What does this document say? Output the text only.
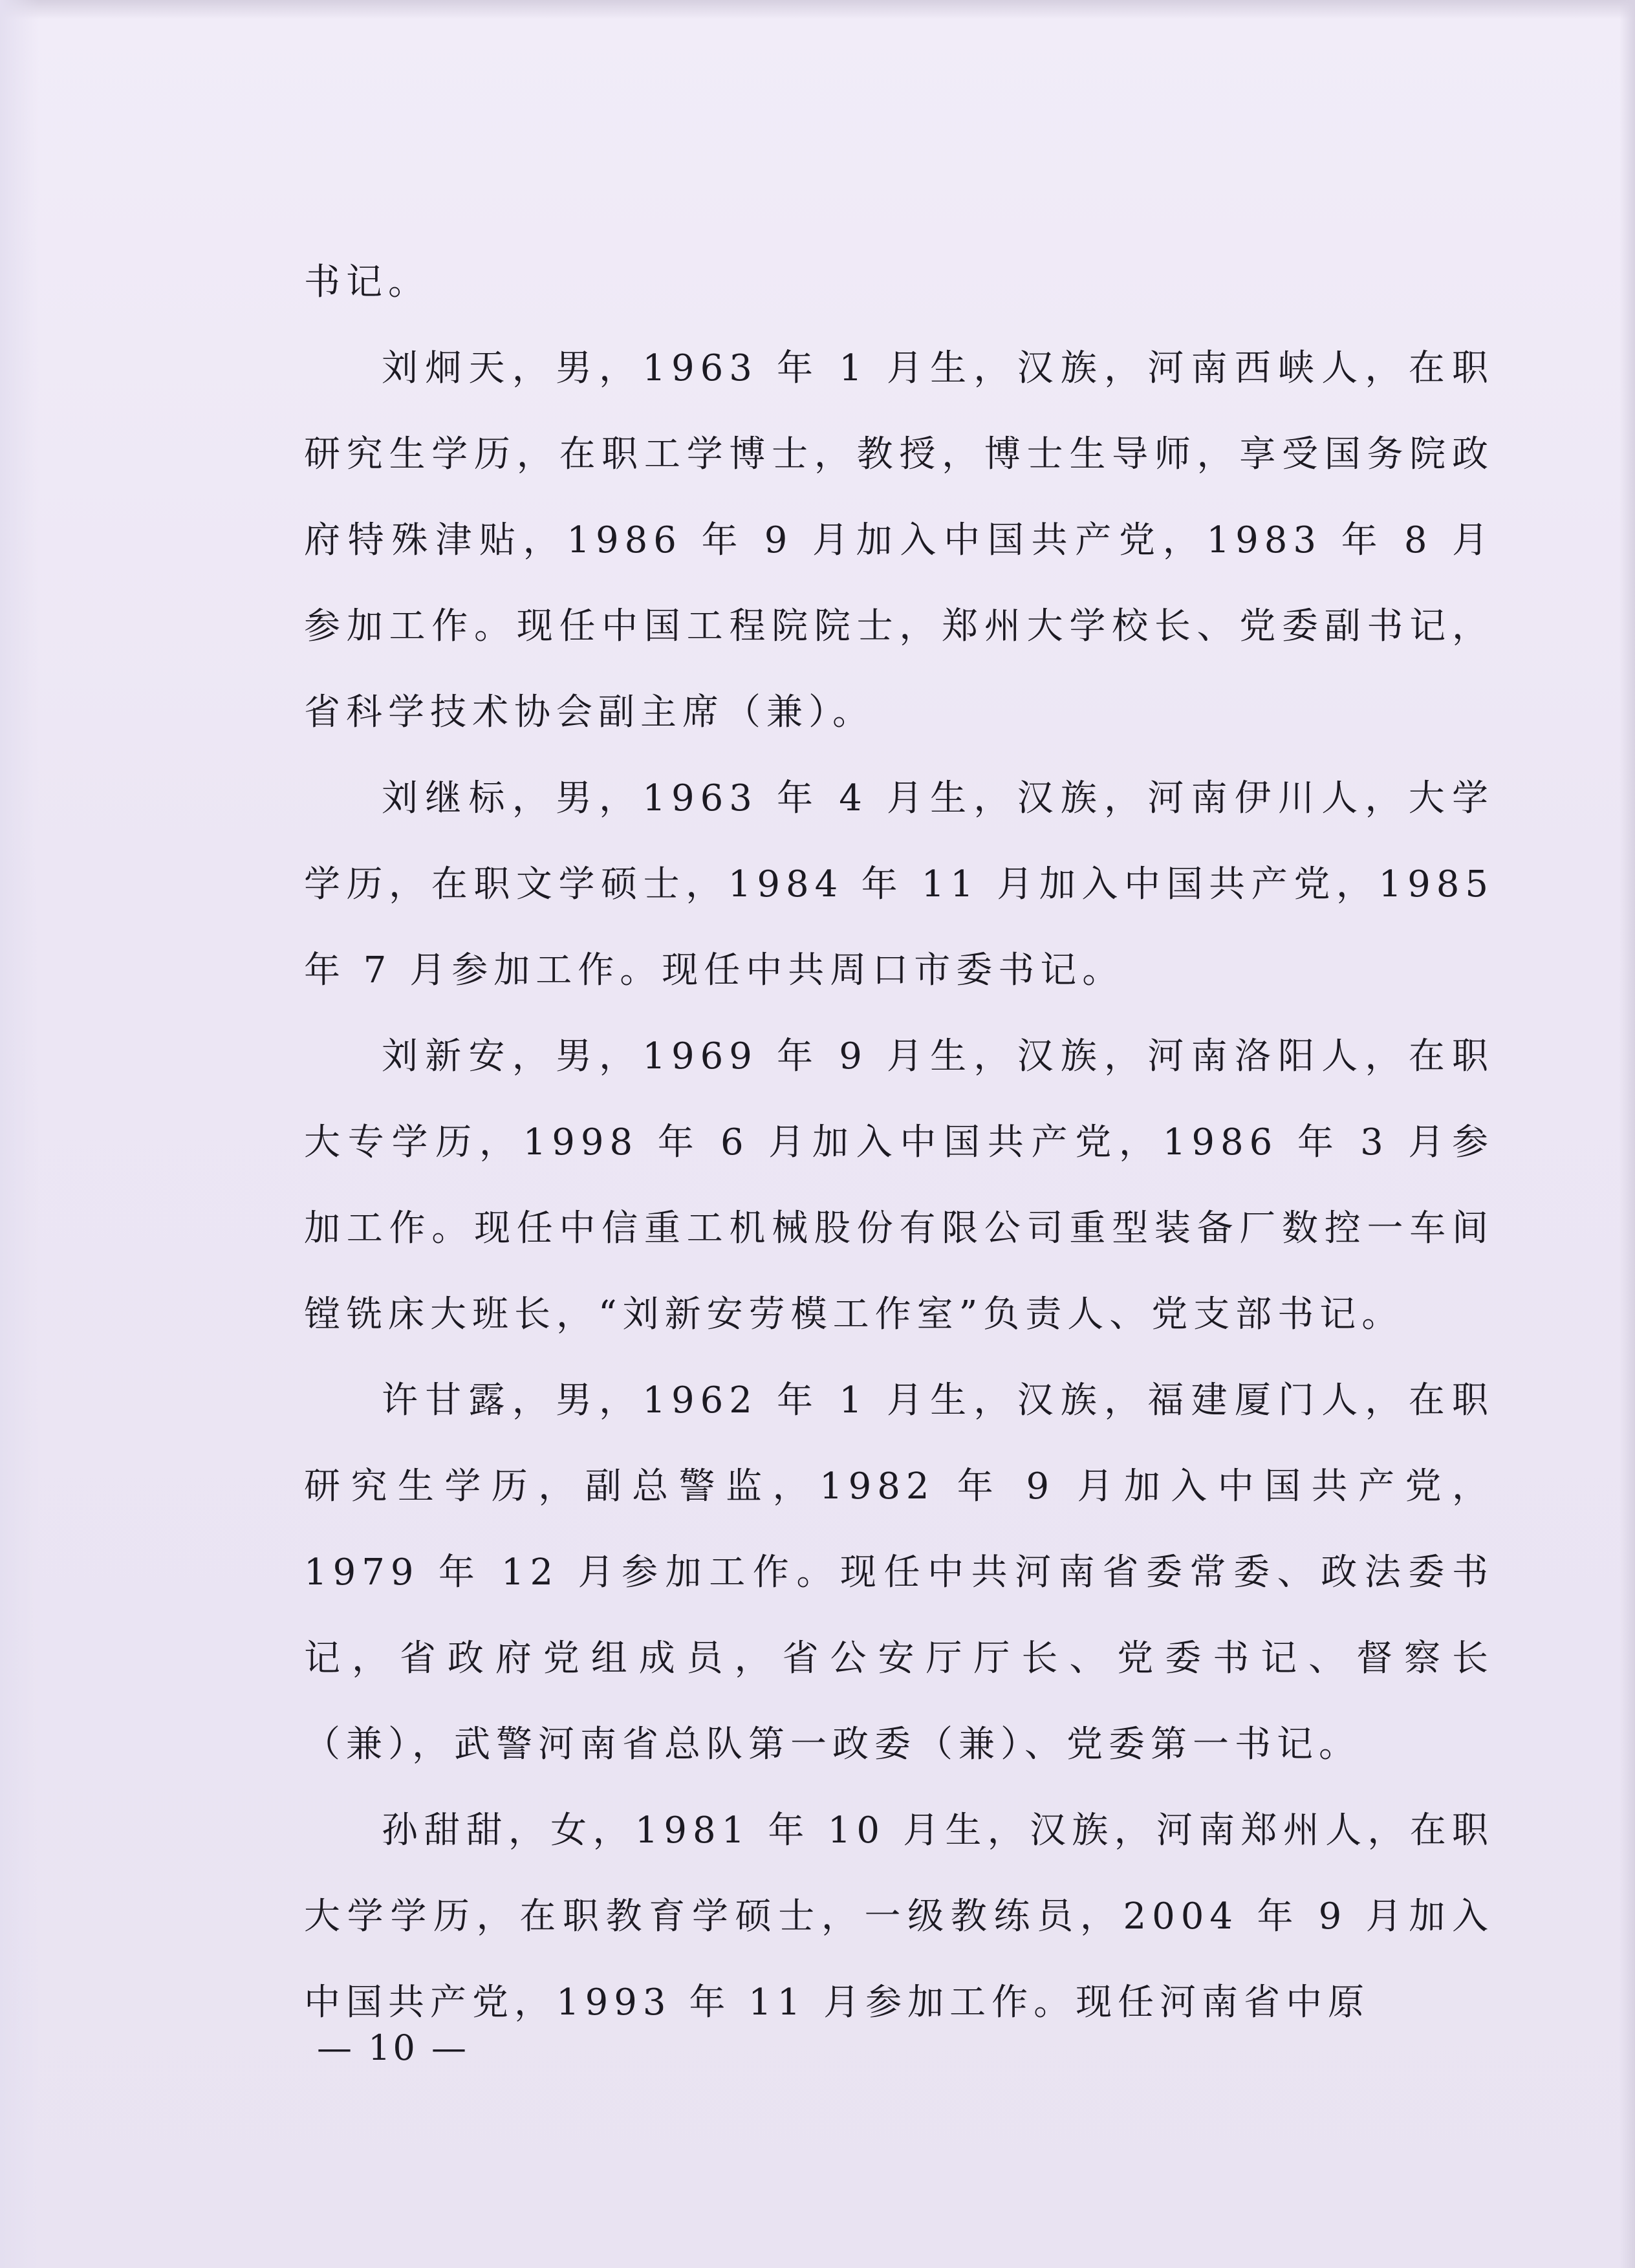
书记。

刘炯天，男，1963 年 1 月生，汉族，河南西峡人，在职研究生学历，在职工学博士，教授，博士生导师，享受国务院政府特殊津贴，1986 年 9 月加入中国共产党，1983 年 8 月参加工作。现任中国工程院院士，郑州大学校长、党委副书记，省科学技术协会副主席（兼）。

刘继标，男，1963 年 4 月生，汉族，河南伊川人，大学学历，在职文学硕士，1984 年 11 月加入中国共产党，1985 年 7 月参加工作。现任中共周口市委书记。

刘新安，男，1969 年 9 月生，汉族，河南洛阳人，在职大专学历，1998 年 6 月加入中国共产党，1986 年 3 月参加工作。现任中信重工机械股份有限公司重型装备厂数控一车间镗铣床大班长，“刘新安劳模工作室”负责人、党支部书记。

许甘露，男，1962 年 1 月生，汉族，福建厦门人，在职研究生学历，副总警监，1982 年 9 月加入中国共产党，1979 年 12 月参加工作。现任中共河南省委常委、政法委书记，省政府党组成员，省公安厅厅长、党委书记、督察长（兼），武警河南省总队第一政委（兼）、党委第一书记。

孙甜甜，女，1981 年 10 月生，汉族，河南郑州人，在职大学学历，在职教育学硕士，一级教练员，2004 年 9 月加入中国共产党，1993 年 11 月参加工作。现任河南省中原

— 10 —
